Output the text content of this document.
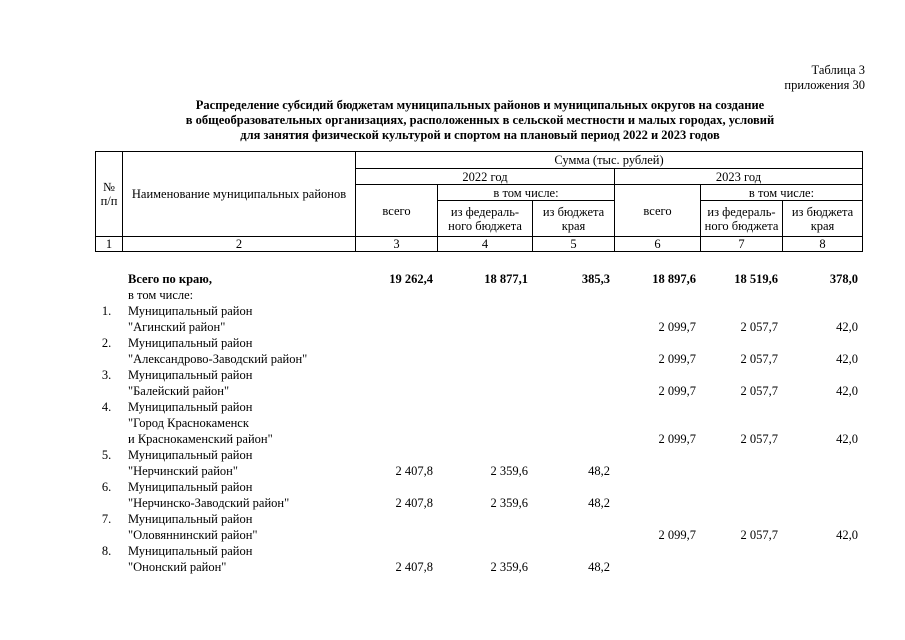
Таблица 3
приложения 30
Распределение субсидий бюджетам муниципальных районов и муниципальных округов на создание
в общеобразовательных организациях, расположенных в сельской местности и малых городах, условий
для занятия физической культурой и спортом на плановый период 2022 и 2023 годов
№
п/п	Наименование муниципальных районов	Сумма (тыс. рублей)					
		2022 год			2023 год		
		всего	в том числе:		всего	в том числе:	
			из федераль-ного бюджета	из бюджета края		из федераль-ного бюджета	из бюджета края
1	2	3	4	5	6	7	8
	Всего по краю,	19 262,4	18 877,1	385,3	18 897,6	18 519,6	378,0
	в том числе:						
1.	Муниципальный район						
	"Агинский район"				2 099,7	2 057,7	42,0
2.	Муниципальный район						
	"Александрово-Заводский район"				2 099,7	2 057,7	42,0
3.	Муниципальный район						
	"Балейский район"				2 099,7	2 057,7	42,0
4.	Муниципальный район						
	"Город Краснокаменск						
	и Краснокаменский район"				2 099,7	2 057,7	42,0
5.	Муниципальный район						
	"Нерчинский район"	2 407,8	2 359,6	48,2			
6.	Муниципальный район						
	"Нерчинско-Заводский район"	2 407,8	2 359,6	48,2			
7.	Муниципальный район						
	"Оловяннинский район"				2 099,7	2 057,7	42,0
8.	Муниципальный район						
	"Ононский район"	2 407,8	2 359,6	48,2			
